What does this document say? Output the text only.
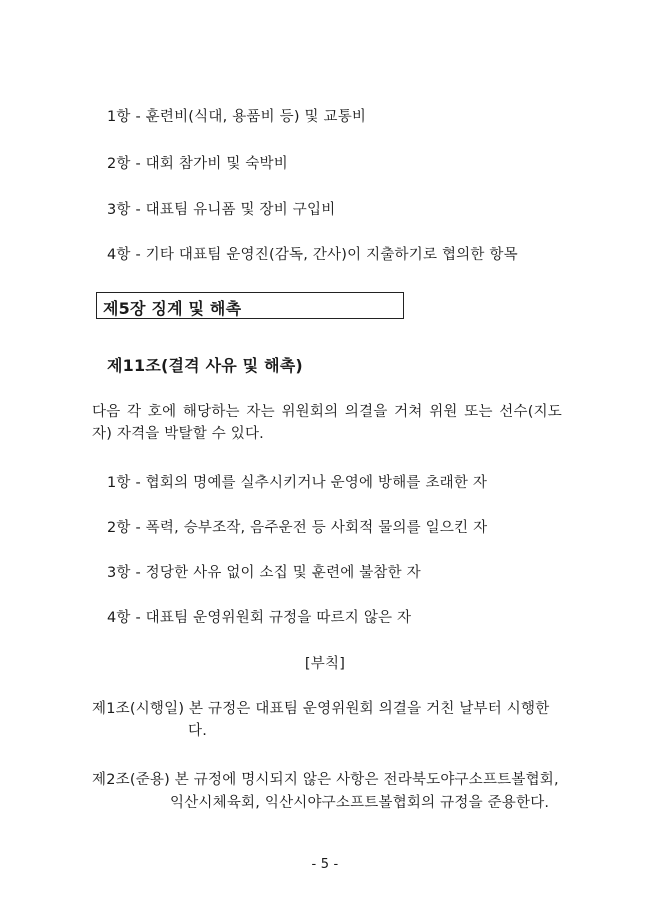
1항 - 훈련비(식대, 용품비 등) 및 교통비
2항 - 대회 참가비 및 숙박비
3항 - 대표팀 유니폼 및 장비 구입비
4항 - 기타 대표팀 운영진(감독, 간사)이 지출하기로 협의한 항목
제5장 징계 및 해촉
제11조(결격 사유 및 해촉)
다음 각 호에 해당하는 자는 위원회의 의결을 거쳐 위원 또는 선수(지도자) 자격을 박탈할 수 있다.
1항 - 협회의 명예를 실추시키거나 운영에 방해를 초래한 자
2항 - 폭력, 승부조작, 음주운전 등 사회적 물의를 일으킨 자
3항 - 정당한 사유 없이 소집 및 훈련에 불참한 자
4항 - 대표팀 운영위원회 규정을 따르지 않은 자
[부칙]
제1조(시행일) 본 규정은 대표팀 운영위원회 의결을 거친 날부터 시행한
다.
제2조(준용) 본 규정에 명시되지 않은 사항은 전라북도야구소프트볼협회,
익산시체육회, 익산시야구소프트볼협회의 규정을 준용한다.
- 5 -
